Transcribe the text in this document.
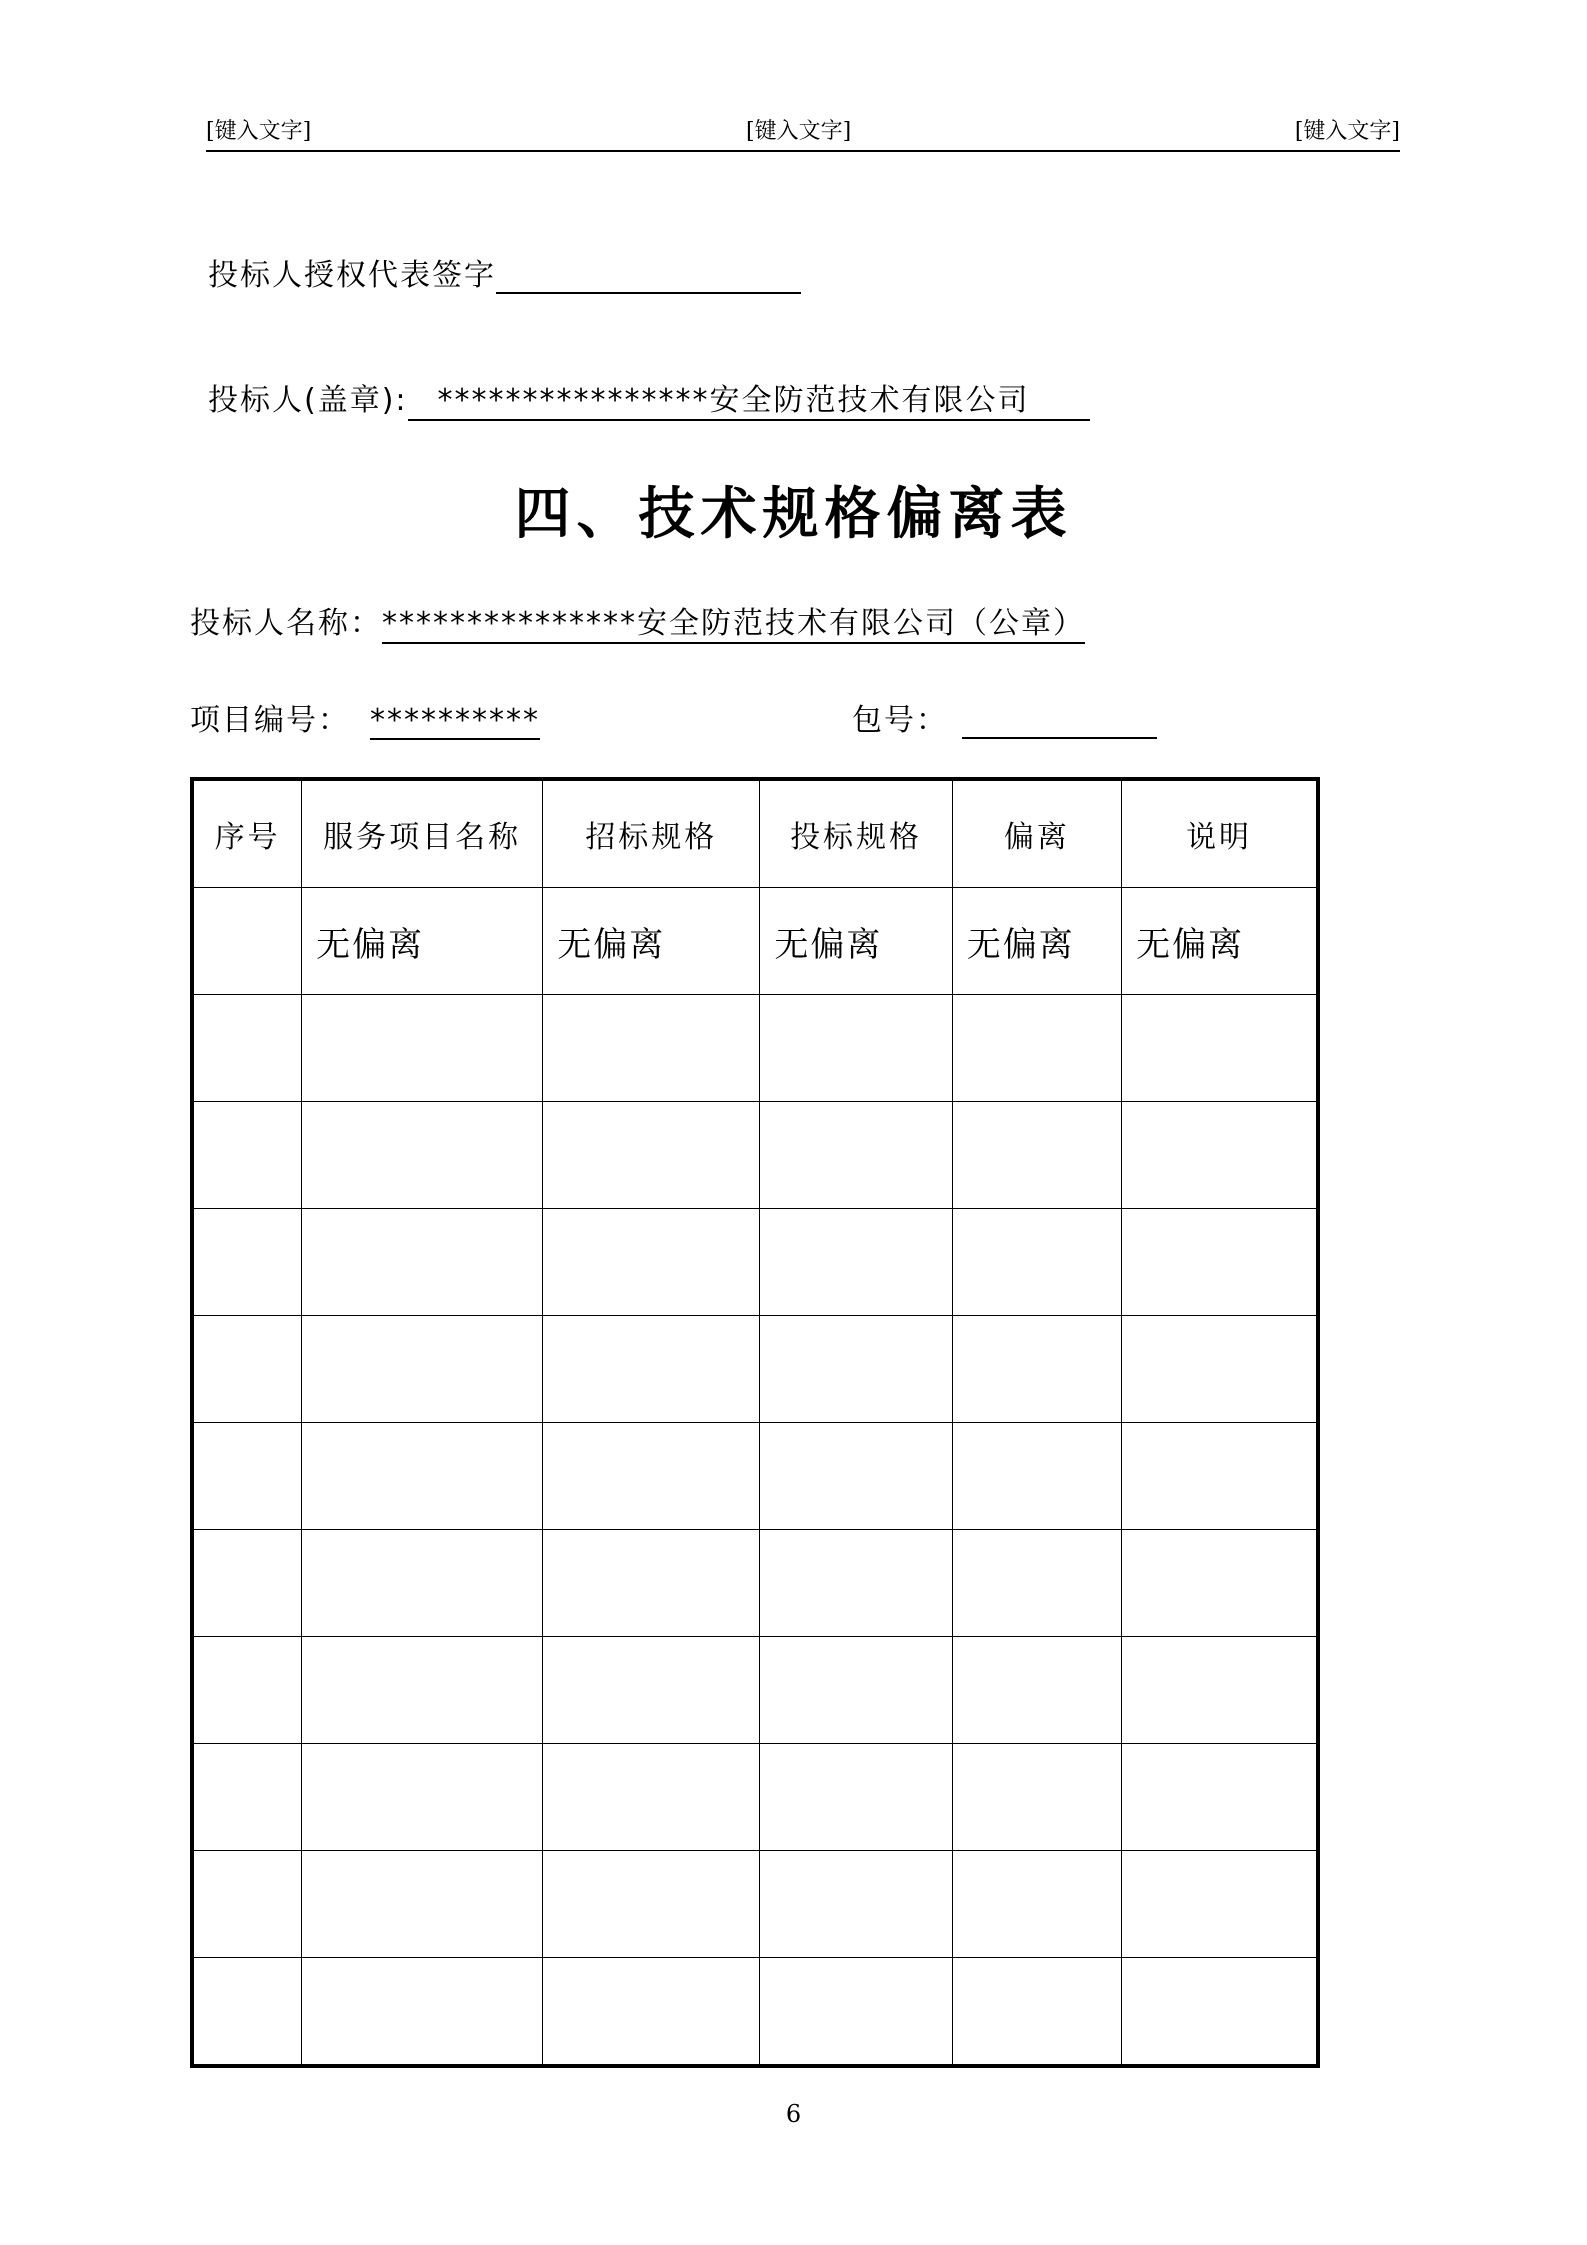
[键入文字]	[键入文字]	[键入文字]
投标人授权代表签字
投标人(盖章): ****************安全防范技术有限公司
四、技术规格偏离表
投标人名称：***************安全防范技术有限公司（公章）
项目编号： **********	包号：
序号	服务项目名称	招标规格	投标规格	偏离	说明
	无偏离	无偏离	无偏离	无偏离	无偏离

6
